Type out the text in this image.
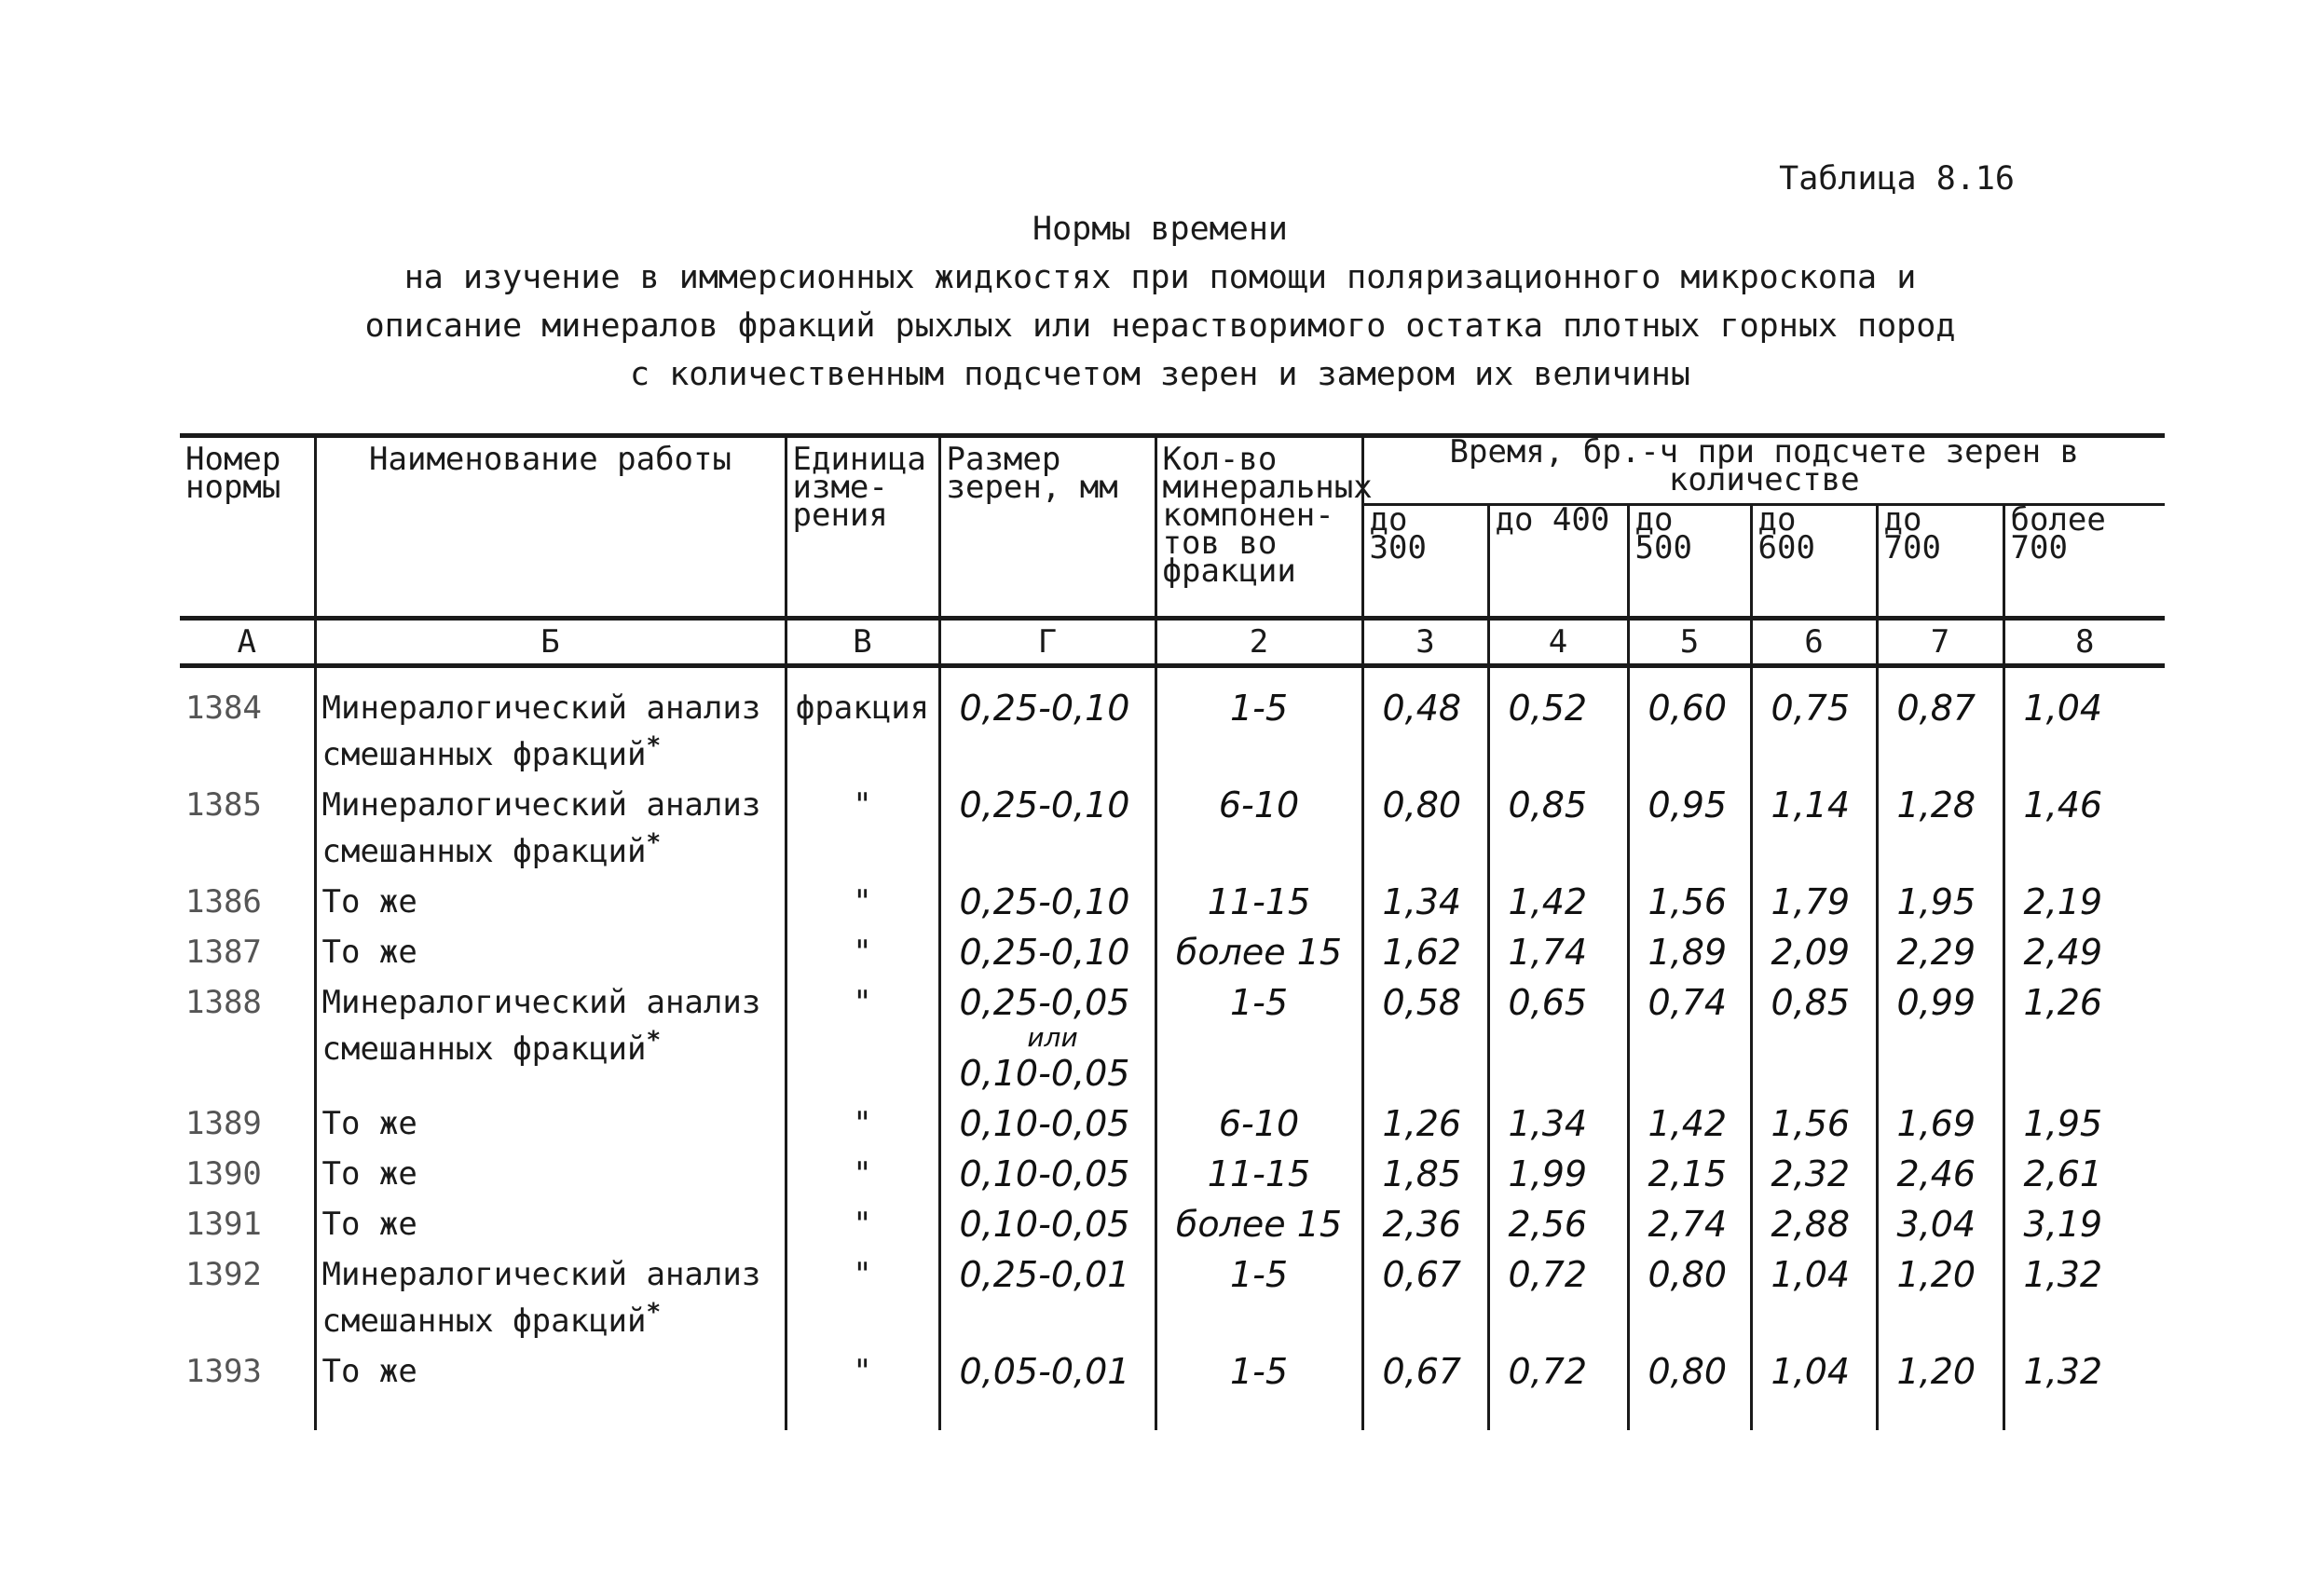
Таблица 8.16
Нормы времени
на изучение в иммерсионных жидкостях при помощи поляризационного микроскопа и
описание минералов фракций рыхлых или нерастворимого остатка плотных горных пород
с количественным подсчетом зерен и замером их величины
Номер нормы	Наименование работы	Единица изме-рения	Размер зерен, мм	Кол-во минеральных компонен-тов во фракции	Время, бр.-ч при подсчете зерен в количестве					
					до 300	до 400	до 500	до 600	до 700	более 700
А	Б	В	Г	2	3	4	5	6	7	8
1384	Минералогический анализ смешанных фракций*	фракция	0,25-0,10	1-5	0,48	0,52	0,60	0,75	0,87	1,04
1385	Минералогический анализ смешанных фракций*	"	0,25-0,10	6-10	0,80	0,85	0,95	1,14	1,28	1,46
1386	То же	"	0,25-0,10	11-15	1,34	1,42	1,56	1,79	1,95	2,19
1387	То же	"	0,25-0,10	более 15	1,62	1,74	1,89	2,09	2,29	2,49
1388	Минералогический анализ смешанных фракций*	"	0,25-0,05
или
0,10-0,05	1-5	0,58	0,65	0,74	0,85	0,99	1,26
1389	То же	"	0,10-0,05	6-10	1,26	1,34	1,42	1,56	1,69	1,95
1390	То же	"	0,10-0,05	11-15	1,85	1,99	2,15	2,32	2,46	2,61
1391	То же	"	0,10-0,05	более 15	2,36	2,56	2,74	2,88	3,04	3,19
1392	Минералогический анализ смешанных фракций*	"	0,25-0,01	1-5	0,67	0,72	0,80	1,04	1,20	1,32
1393	То же	"	0,05-0,01	1-5	0,67	0,72	0,80	1,04	1,20	1,32
